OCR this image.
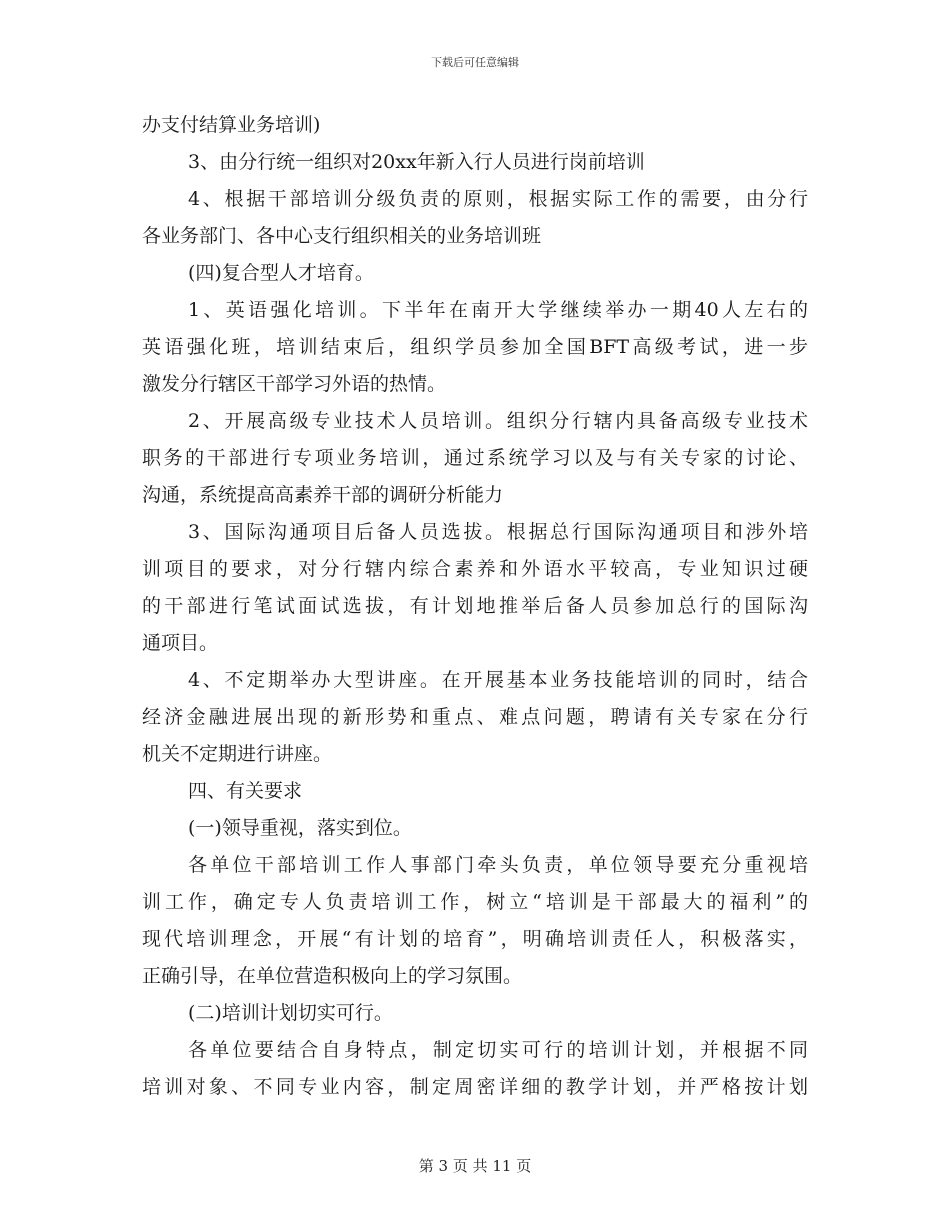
下载后可任意编辑
办支付结算业务培训)
3、由分行统一组织对20xx年新入行人员进行岗前培训
4、根据干部培训分级负责的原则，根据实际工作的需要，由分行
各业务部门、各中心支行组织相关的业务培训班
(四)复合型人才培育。
1、英语强化培训。下半年在南开大学继续举办一期40人左右的
英语强化班，培训结束后，组织学员参加全国BFT高级考试，进一步
激发分行辖区干部学习外语的热情。
2、开展高级专业技术人员培训。组织分行辖内具备高级专业技术
职务的干部进行专项业务培训，通过系统学习以及与有关专家的讨论、
沟通，系统提高高素养干部的调研分析能力
3、国际沟通项目后备人员选拔。根据总行国际沟通项目和涉外培
训项目的要求，对分行辖内综合素养和外语水平较高，专业知识过硬
的干部进行笔试面试选拔，有计划地推举后备人员参加总行的国际沟
通项目。
4、不定期举办大型讲座。在开展基本业务技能培训的同时，结合
经济金融进展出现的新形势和重点、难点问题，聘请有关专家在分行
机关不定期进行讲座。
四、有关要求
(一)领导重视，落实到位。
各单位干部培训工作人事部门牵头负责，单位领导要充分重视培
训工作，确定专人负责培训工作，树立“培训是干部最大的福利”的
现代培训理念，开展“有计划的培育”，明确培训责任人，积极落实，
正确引导，在单位营造积极向上的学习氛围。
(二)培训计划切实可行。
各单位要结合自身特点，制定切实可行的培训计划，并根据不同
培训对象、不同专业内容，制定周密详细的教学计划，并严格按计划
第 3 页 共 11 页
